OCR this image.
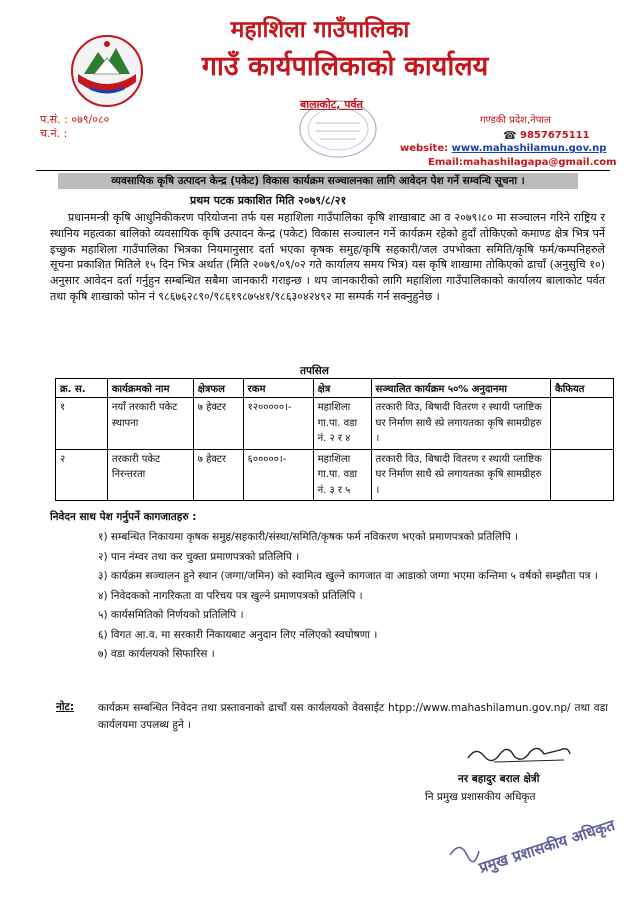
महाशिला गाउँपालिका
गाउँ कार्यपालिकाको कार्यालय
बालाकोट, पर्वत
प.सं. : ०७९/०८०
च.नं. :
गण्डकी प्रदेश,नेपाल
☎ 9857675111
website: www.mahashilamun.gov.np
Email:mahashilagapa@gmail.com
व्यवसायिक कृषि उत्पादन केन्द्र (पकेट) विकास कार्यक्रम सञ्चालनका लागि आवेदन पेश गर्ने सम्वन्धि सूचना ।
प्रथम पटक प्रकाशित मिति २०७९/८/२१
प्रधानमन्त्री कृषि आधुनिकीकरण परियोजना तर्फ यस महाशिला गाउँपालिका कृषि शाखाबाट आ व २०७९।८० मा सञ्चालन गरिने राष्ट्रिय र स्थानिय महत्वका बालिको व्यवसायिक कृषि उत्पादन केन्द्र (पकेट) विकास सञ्चालन गर्ने कार्यक्रम रहेको हुदाँ तोकिएको कमाण्ड क्षेत्र भित्र पर्ने इच्छुक महाशिला गाउँपालिका भित्रका नियमानुसार दर्ता भएका कृषक समुह/कृषि सहकारी/जल उपभोक्ता समिति/कृषि फर्म/कम्पनिहरुले सूचना प्रकाशित मितिले १५ दिन भित्र अर्थात (मिति २०७९/०९/०२ गते कार्यालय समय भित्र) यस कृषि शाखामा तोकिएको ढाचाँ (अनुसुचि १०) अनुसार आवेदन दर्ता गर्नुहुन सम्बन्धित सबैमा जानकारी गराइन्छ । थप जानकारीको लागि महाशिला गाउँपालिकाको कार्यालय बालाकोट पर्वत तथा कृषि शाखाको फोन नं ९८६७६२८९०/९८६१९८७५४१/९८६३०४२४९२ मा सम्पर्क गर्न सक्नुहुनेछ ।
तपसिल
क्र. स.	कार्यक्रमको नाम	क्षेत्रफल	रकम	क्षेत्र	सञ्चालित कार्यक्रम ५०% अनुदानमा	कैफियत
१	नयाँ तरकारी पकेट स्थापना	७ हेक्टर	१२०००००।-	महाशिला गा.पा. वडा नं. २ र ४	तरकारी विउ, बिषादी वितरण र स्थायी प्लाष्टिक घर निर्माण साथै स्प्रे लगायतका कृषि सामग्रीहरु ।	
२	तरकारी पकेट निरन्तरता	७ हेक्टर	६०००००।-	महाशिला गा.पा. वडा नं. ३ र ५	तरकारी विउ, बिषादी वितरण र स्थायी प्लाष्टिक घर निर्माण साथै स्प्रे लगायतका कृषि सामग्रीहरु ।	
निवेदन साथ पेश गर्नुपर्ने कागजातहरु :
१) सम्बन्धित निकायमा कृषक समुह/सहकारी/संस्था/समिति/कृषक फर्म नविकरण भएको प्रमाणपत्रको प्रतिलिपि ।
२) पान नंम्वर तथा कर चुक्ता प्रमाणपत्रको प्रतिलिपि ।
३) कार्यक्रम सञ्चालन हुने स्थान (जग्गा/जमिन) को स्वामित्व खुल्ने कागजात वा आडाको जग्गा भएमा कन्तिमा ५ वर्षको सम्झौता पत्र ।
४) निवेदकको नागरिकता वा परिचय पत्र खुल्ने प्रमाणपत्रको प्रतिलिपि ।
५) कार्यसमितिको निर्णयको प्रतिलिपि ।
६) विगत आ.व. मा सरकारी निकायबाट अनुदान लिए नलिएको स्वघोषणा ।
७) वडा कार्यलयको सिफारिस ।
नोट: कार्यक्रम सम्बन्धित निवेदन तथा प्रस्तावनाको ढाचाँ यस कार्यलयको वेवसाईट htpp://www.mahashilamun.gov.np/ तथा वडा कार्यलयमा उपलब्ध हुने ।
नर बहादुर बराल क्षेत्री
नि प्रमुख प्रशासकीय अधिकृत
प्रमुख प्रशासकीय अधिकृत
